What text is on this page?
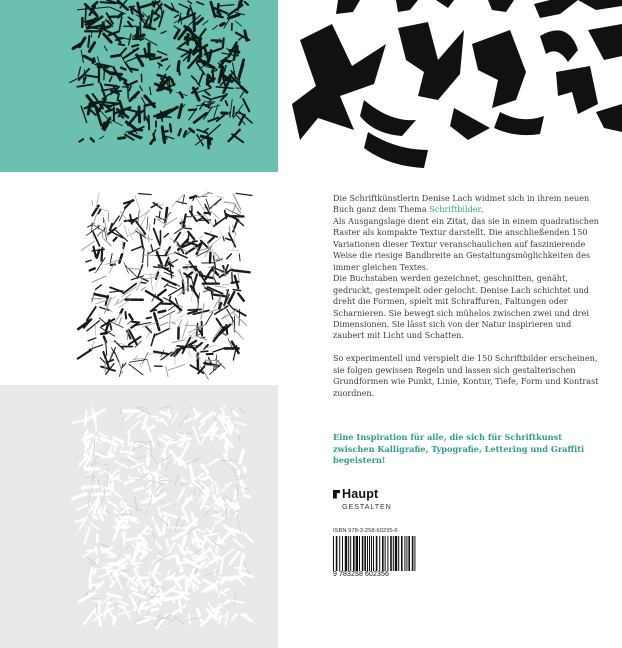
Die Schriftkünstlerin Denise Lach widmet sich in ihrem neuen Buch ganz dem Thema Schriftbilder.
Als Ausgangslage dient ein Zitat, das sie in einem quadratischen Raster als kompakte Textur darstellt. Die anschließenden 150 Variationen dieser Textur veranschaulichen auf faszinierende Weise die riesige Bandbreite an Gestaltungsmöglichkeiten des immer gleichen Textes.
Die Buchstaben werden gezeichnet, geschnitten, genäht, gedruckt, gestempelt oder gelocht. Denise Lach schichtet und dreht die Formen, spielt mit Schraffuren, Faltungen oder Scharnieren. Sie bewegt sich mühelos zwischen zwei und drei Dimensionen. Sie lässt sich von der Natur inspirieren und zaubert mit Licht und Schatten.

So experimentell und verspielt die 150 Schriftbilder erscheinen, sie folgen gewissen Regeln und lassen sich gestalterischen Grundformen wie Punkt, Linie, Kontur, Tiefe, Form und Kontrast zuordnen.

Eine Inspiration für alle, die sich für Schriftkunst zwischen Kalligrafie, Typografie, Lettering und Graffiti begeistern!
Haupt
GESTALTEN
ISBN 978-3-258-60235-6
9 783258 602356
